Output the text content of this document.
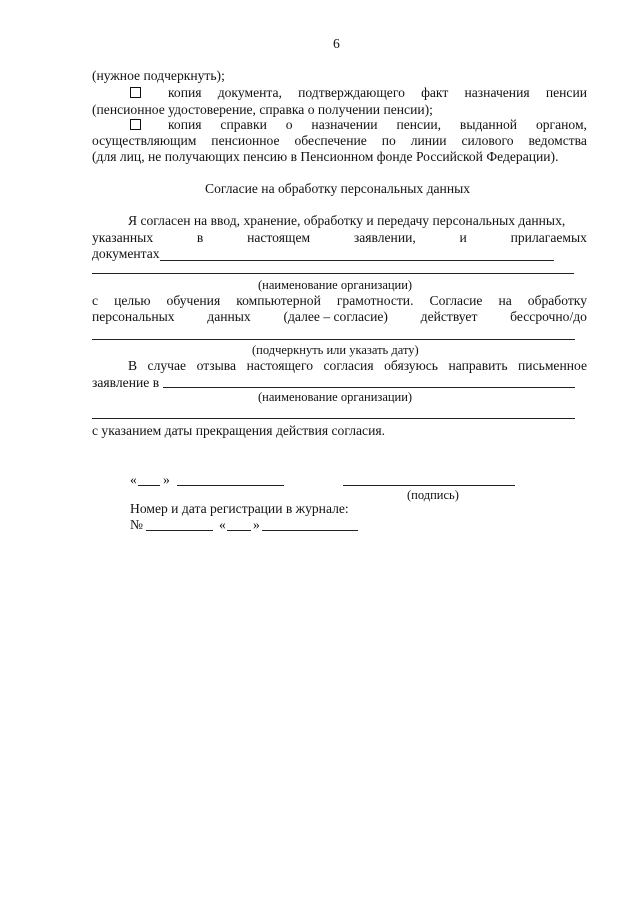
6
(нужное подчеркнуть);
копия документа, подтверждающего факт назначения пенсии
(пенсионное удостоверение, справка о получении пенсии);
копия справки о назначении пенсии, выданной органом,
осуществляющим пенсионное обеспечение по линии силового ведомства
(для лиц, не получающих пенсию в Пенсионном фонде Российской Федерации).
Согласие на обработку персональных данных
Я согласен на ввод, хранение, обработку и передачу персональных данных,
указанных	в	настоящем	заявлении,	и	прилагаемых
документах
(наименование организации)
с целью обучения компьютерной грамотности. Согласие на обработку
персональных данных (далее – согласие) действует бессрочно/до
(подчеркнуть или указать дату)
В случае отзыва настоящего согласия обязуюсь направить письменное
заявление в
(наименование организации)
с указанием даты прекращения действия согласия.
« »
(подпись)
Номер и дата регистрации в журнале:
№	« »
